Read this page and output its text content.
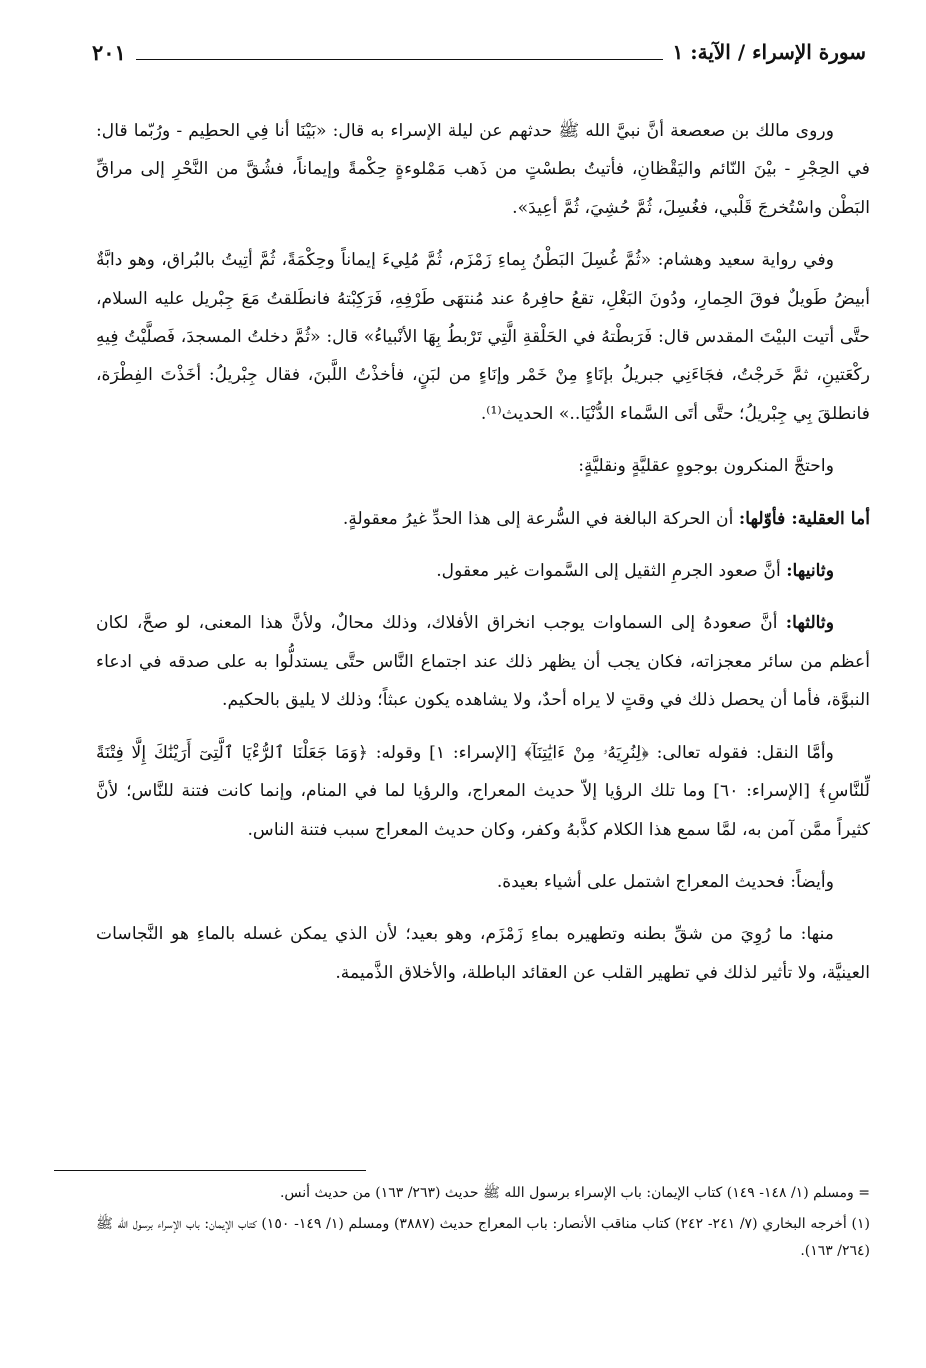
سورة الإسراء / الآية: ١
٢٠١

وروى مالك بن صعصعة أنَّ نبيَّ الله ﷺ حدثهم عن ليلة الإسراء به قال: «بَيْنَا أنا فِي الحطِيم - ورُبّما قال: في الحِجْرِ - بيْنَ النّائم واليَقْظانِ، فأتيتُ بطسْتٍ من ذَهب مَمْلوءةٍ حِكْمةً وإيماناً، فشُقَّ من النَّحْرِ إلى مراقِّ البَطْن واسْتُخرجَ قَلْبي، فغُسِلَ، ثُمَّ حُشِيَ، ثُمَّ أعِيدَ».

وفي رواية سعيد وهشام: «ثُمَّ غُسِلَ البَطْنُ بِماءِ زَمْزَم، ثُمَّ مُلِيءَ إيماناً وحِكْمَةً، ثُمَّ أتِيتُ بالبُراق، وهو دابَّةٌ أبيضُ طَويلٌ فوقَ الحِمارِ، ودُونَ البَغْلِ، تقعُ حافِرهُ عند مُنتهَى طَرْفِهِ، فَرَكِبْتهُ فانطَلقتُ مَعَ جِبْريل عليه السلام، حتَّى أتيت البيْتَ المقدس قال: فَرَبطْتهُ في الحَلْقةِ الَّتِي تَرْبطُ بِهَا الأنْبياءُ» قال: «ثُمَّ دخلتُ المسجدَ، فَصلَّيْتُ فِيهِ ركْعَتينِ، ثمَّ خَرجْتُ، فجَاءَنِي جبريلُ بإنَاءٍ مِنْ خَمْر وإنَاءٍ من لبَنٍ، فأخذْتُ اللَّبنَ، فقال جِبْريلُ: أخَذْتَ الفِطْرَة، فانطلقَ بِي جِبْريلُ؛ حتَّى أتَى السَّماء الدُّنْيَا..» الحديث⁽¹⁾.

واحتجَّ المنكرون بوجوهٍ عقليَّةٍ ونقليَّةٍ:

أما العقلية: فأوّلها: أن الحركة البالغة في السُّرعة إلى هذا الحدِّ غيرُ معقولةٍ.

وثانيها: أنَّ صعود الجرمِ الثقيل إلى السَّموات غير معقول.

وثالثها: أنَّ صعودهُ إلى السماوات يوجب انخراق الأفلاك، وذلك محالٌ، ولأنَّ هذا المعنى، لو صحَّ، لكان أعظم من سائر معجزاته، فكان يجب أن يظهر ذلك عند اجتماع النَّاس حتَّى يستدلُّوا به على صدقه في ادعاء النبوَّة، فأما أن يحصل ذلك في وقتٍ لا يراه أحدٌ، ولا يشاهده يكون عبثاً؛ وذلك لا يليق بالحكيم.

وأمَّا النقل: فقوله تعالى: ﴿لِنُرِيَهُۥ مِنْ ءَايَٰتِنَآ﴾ [الإسراء: ١] وقوله: ﴿وَمَا جَعَلْنَا ٱلرُّءْيَا ٱلَّتِىٓ أَرَيْنَٰكَ إِلَّا فِتْنَةً لِّلنَّاسِ﴾ [الإسراء: ٦٠] وما تلك الرؤيا إلاّ حديث المعراج، والرؤيا لما في المنام، وإنما كانت فتنة للنَّاس؛ لأنَّ كثيراً ممَّن آمن به، لمَّا سمع هذا الكلام كذَّبهُ وكفر، وكان حديث المعراج سبب فتنة الناس.

وأيضاً: فحديث المعراج اشتمل على أشياء بعيدة.

منها: ما رُوِيَ من شقِّ بطنه وتطهيره بماءِ زَمْزَم، وهو بعيد؛ لأن الذي يمكن غسله بالماءِ هو النَّجاسات العينيَّة، ولا تأثير لذلك في تطهير القلب عن العقائد الباطلة، والأخلاق الذَّميمة.

= ومسلم (١/ ١٤٨- ١٤٩) كتاب الإيمان: باب الإسراء برسول الله ﷺ حديث (٢٦٣/ ١٦٣) من حديث أنس.

(١) أخرجه البخاري (٧/ ٢٤١- ٢٤٢) كتاب مناقب الأنصار: باب المعراج حديث (٣٨٨٧) ومسلم (١/ ١٤٩- ١٥٠) كتاب الإيمان: باب الإسراء برسول الله ﷺ (٢٦٤/ ١٦٣).
